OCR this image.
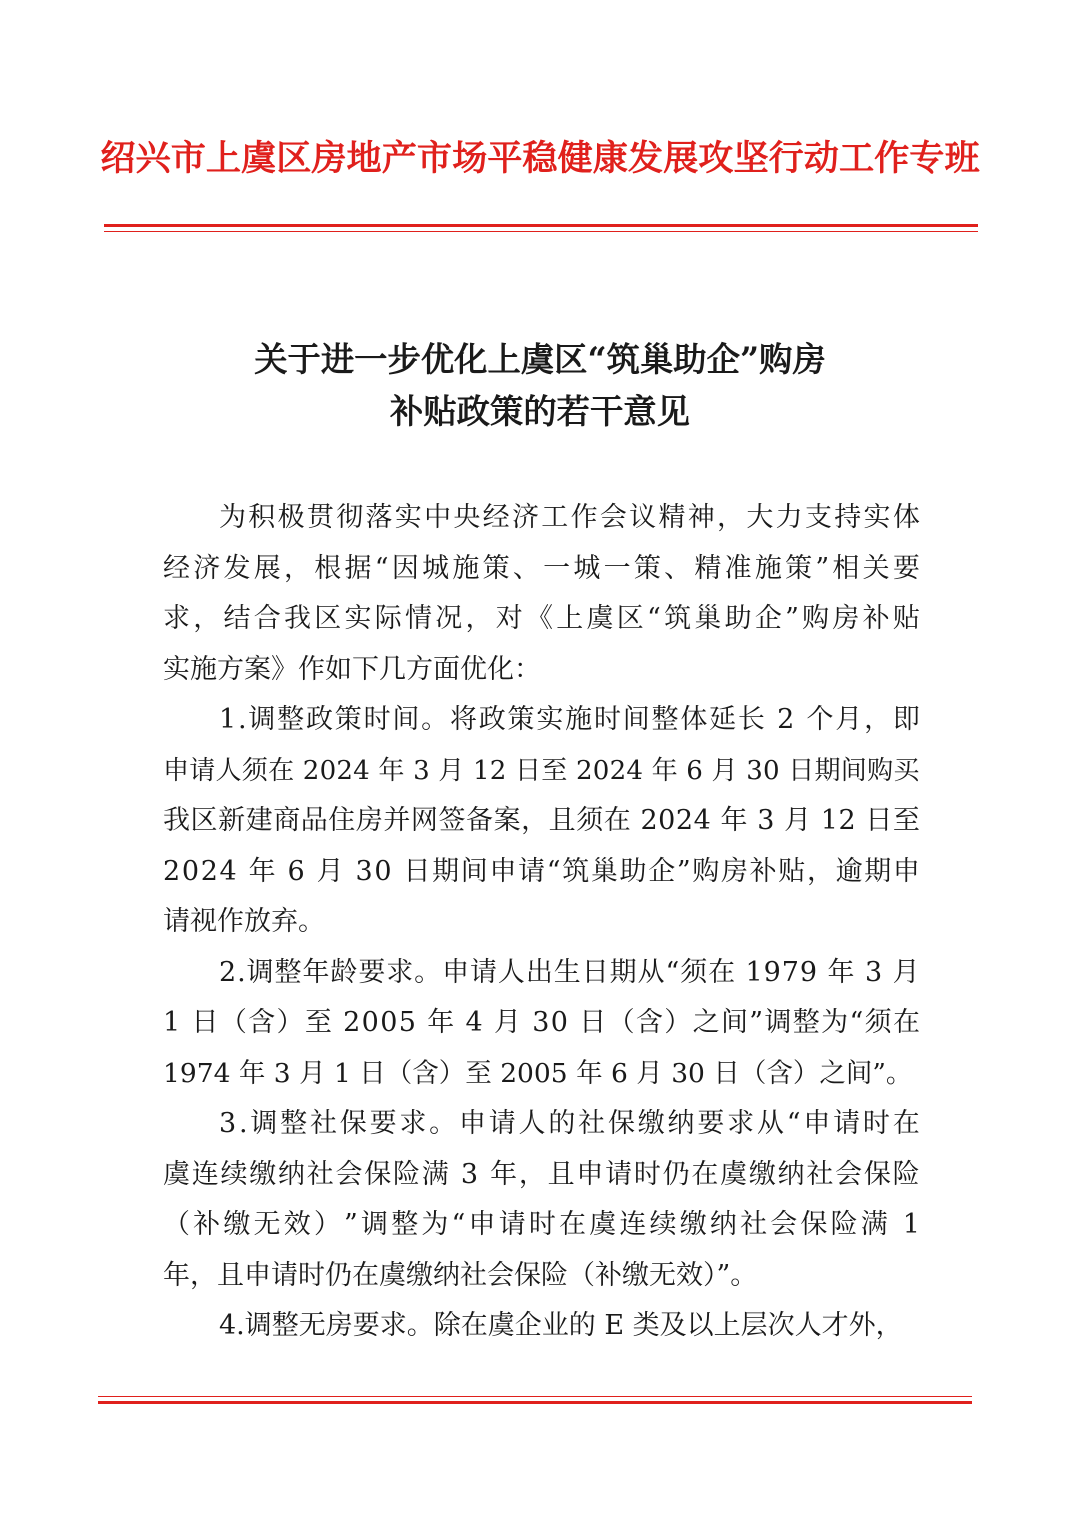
绍兴市上虞区房地产市场平稳健康发展攻坚行动工作专班
关于进一步优化上虞区“筑巢助企”购房
补贴政策的若干意见
为 积 极 贯 彻 落 实 中 央 经 济 工 作 会 议 精 神 ， 大 力 支 持 实 体
经 济 发 展 ， 根 据 “ 因 城 施 策 、 一 城 一 策 、 精 准 施 策 ” 相 关 要
求 ， 结 合 我 区 实 际 情 况 ， 对 《 上 虞 区 “ 筑 巢 助 企 ” 购 房 补 贴
实施方案》作如下几方面优化：
1 . 调 整 政 策 时 间 。 将 政 策 实 施 时 间 整 体 延 长
2
个 月 ， 即
申 请 人 须 在
2 0 2 4
年
3
月
1 2
日 至
2 0 2 4
年
6
月
3 0
日 期 间 购 买
我 区 新 建 商 品 住 房 并 网 签 备 案 ， 且 须 在
2 0 2 4
年
3
月
1 2
日 至
2 0 2 4
年
6
月
3 0
日 期 间 申 请 “ 筑 巢 助 企 ” 购 房 补 贴 ， 逾 期 申
请视作放弃。
2 . 调 整 年 龄 要 求 。 申 请 人 出 生 日 期 从 “ 须 在
1 9 7 9
年
3
月
1
日 （ 含 ） 至
2 0 0 5
年
4
月
3 0
日 （ 含 ） 之 间 ” 调 整 为 “ 须 在
1974 年 3 月 1 日（含）至 2005 年 6 月 30 日（含）之间”。
3 . 调 整 社 保 要 求 。 申 请 人 的 社 保 缴 纳 要 求 从 “ 申 请 时 在
虞 连 续 缴 纳 社 会 保 险 满
3
年 ， 且 申 请 时 仍 在 虞 缴 纳 社 会 保 险
（ 补 缴 无 效 ） ” 调 整 为 “ 申 请 时 在 虞 连 续 缴 纳 社 会 保 险 满
1
年，且申请时仍在虞缴纳社会保险（补缴无效）”。
4.调整无房要求。除在虞企业的 E 类及以上层次人才外，
